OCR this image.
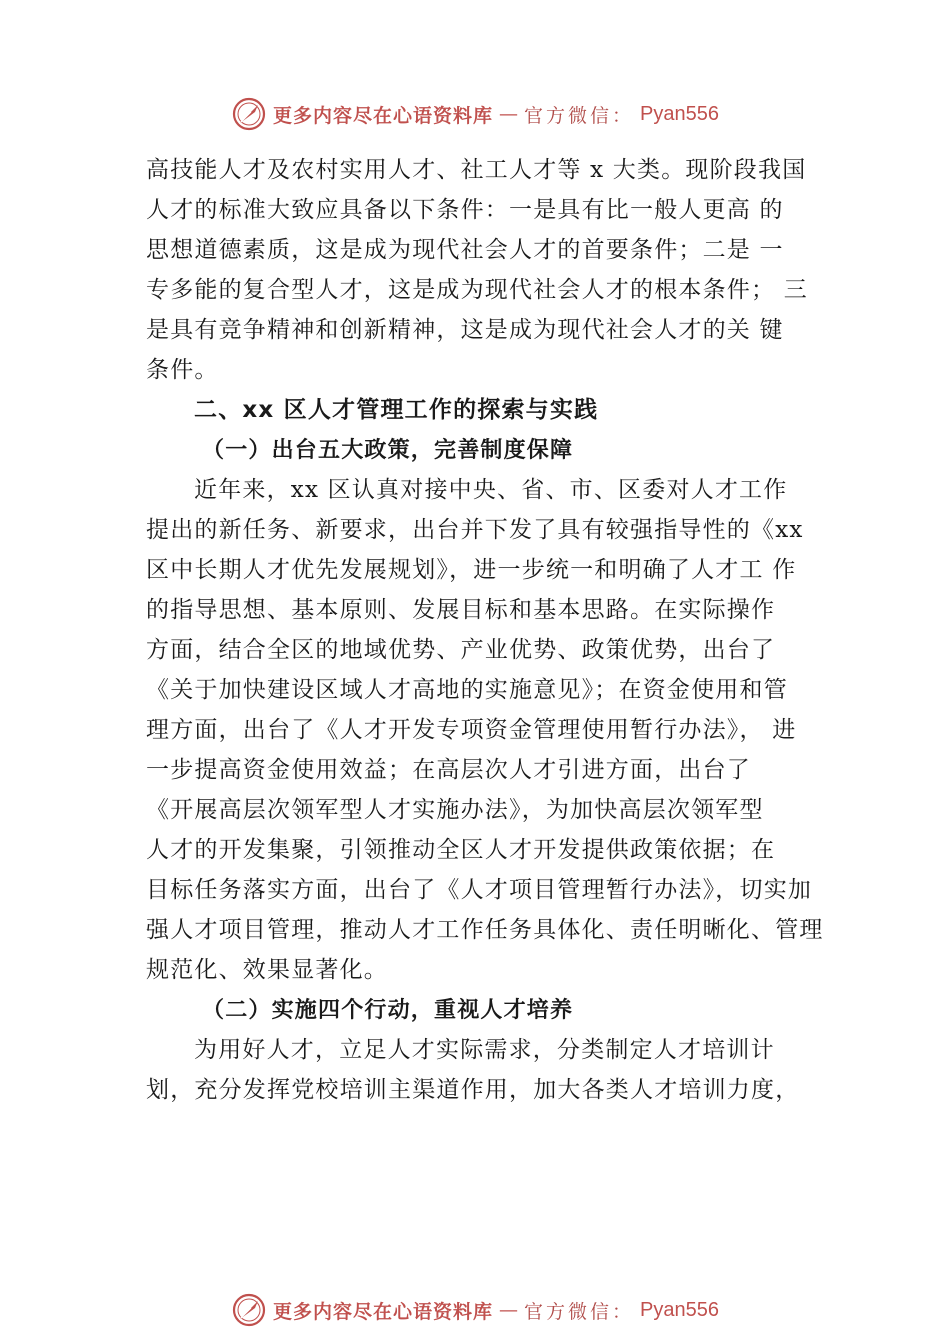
更多内容尽在心语资料库 — 官方微信： Pyan556
高技能人才及农村实用人才、社工人才等 x 大类。现阶段我国
人才的标准大致应具备以下条件：一是具有比一般人更高 的
思想道德素质，这是成为现代社会人才的首要条件；二是 一
专多能的复合型人才，这是成为现代社会人才的根本条件； 三
是具有竞争精神和创新精神，这是成为现代社会人才的关 键
条件。
二、xx 区人才管理工作的探索与实践
（一）出台五大政策，完善制度保障
近年来，xx 区认真对接中央、省、市、区委对人才工作
提出的新任务、新要求，出台并下发了具有较强指导性的《xx
区中长期人才优先发展规划》，进一步统一和明确了人才工 作
的指导思想、基本原则、发展目标和基本思路。在实际操作
方面，结合全区的地域优势、产业优势、政策优势，出台了
《关于加快建设区域人才高地的实施意见》；在资金使用和管
理方面，出台了《人才开发专项资金管理使用暂行办法》， 进
一步提高资金使用效益；在高层次人才引进方面，出台了
《开展高层次领军型人才实施办法》，为加快高层次领军型
人才的开发集聚，引领推动全区人才开发提供政策依据；在
目标任务落实方面，出台了《人才项目管理暂行办法》，切实加
强人才项目管理，推动人才工作任务具体化、责任明晰化、管理
规范化、效果显著化。
（二）实施四个行动，重视人才培养
为用好人才，立足人才实际需求，分类制定人才培训计
划，充分发挥党校培训主渠道作用，加大各类人才培训力度，
更多内容尽在心语资料库 — 官方微信： Pyan556
